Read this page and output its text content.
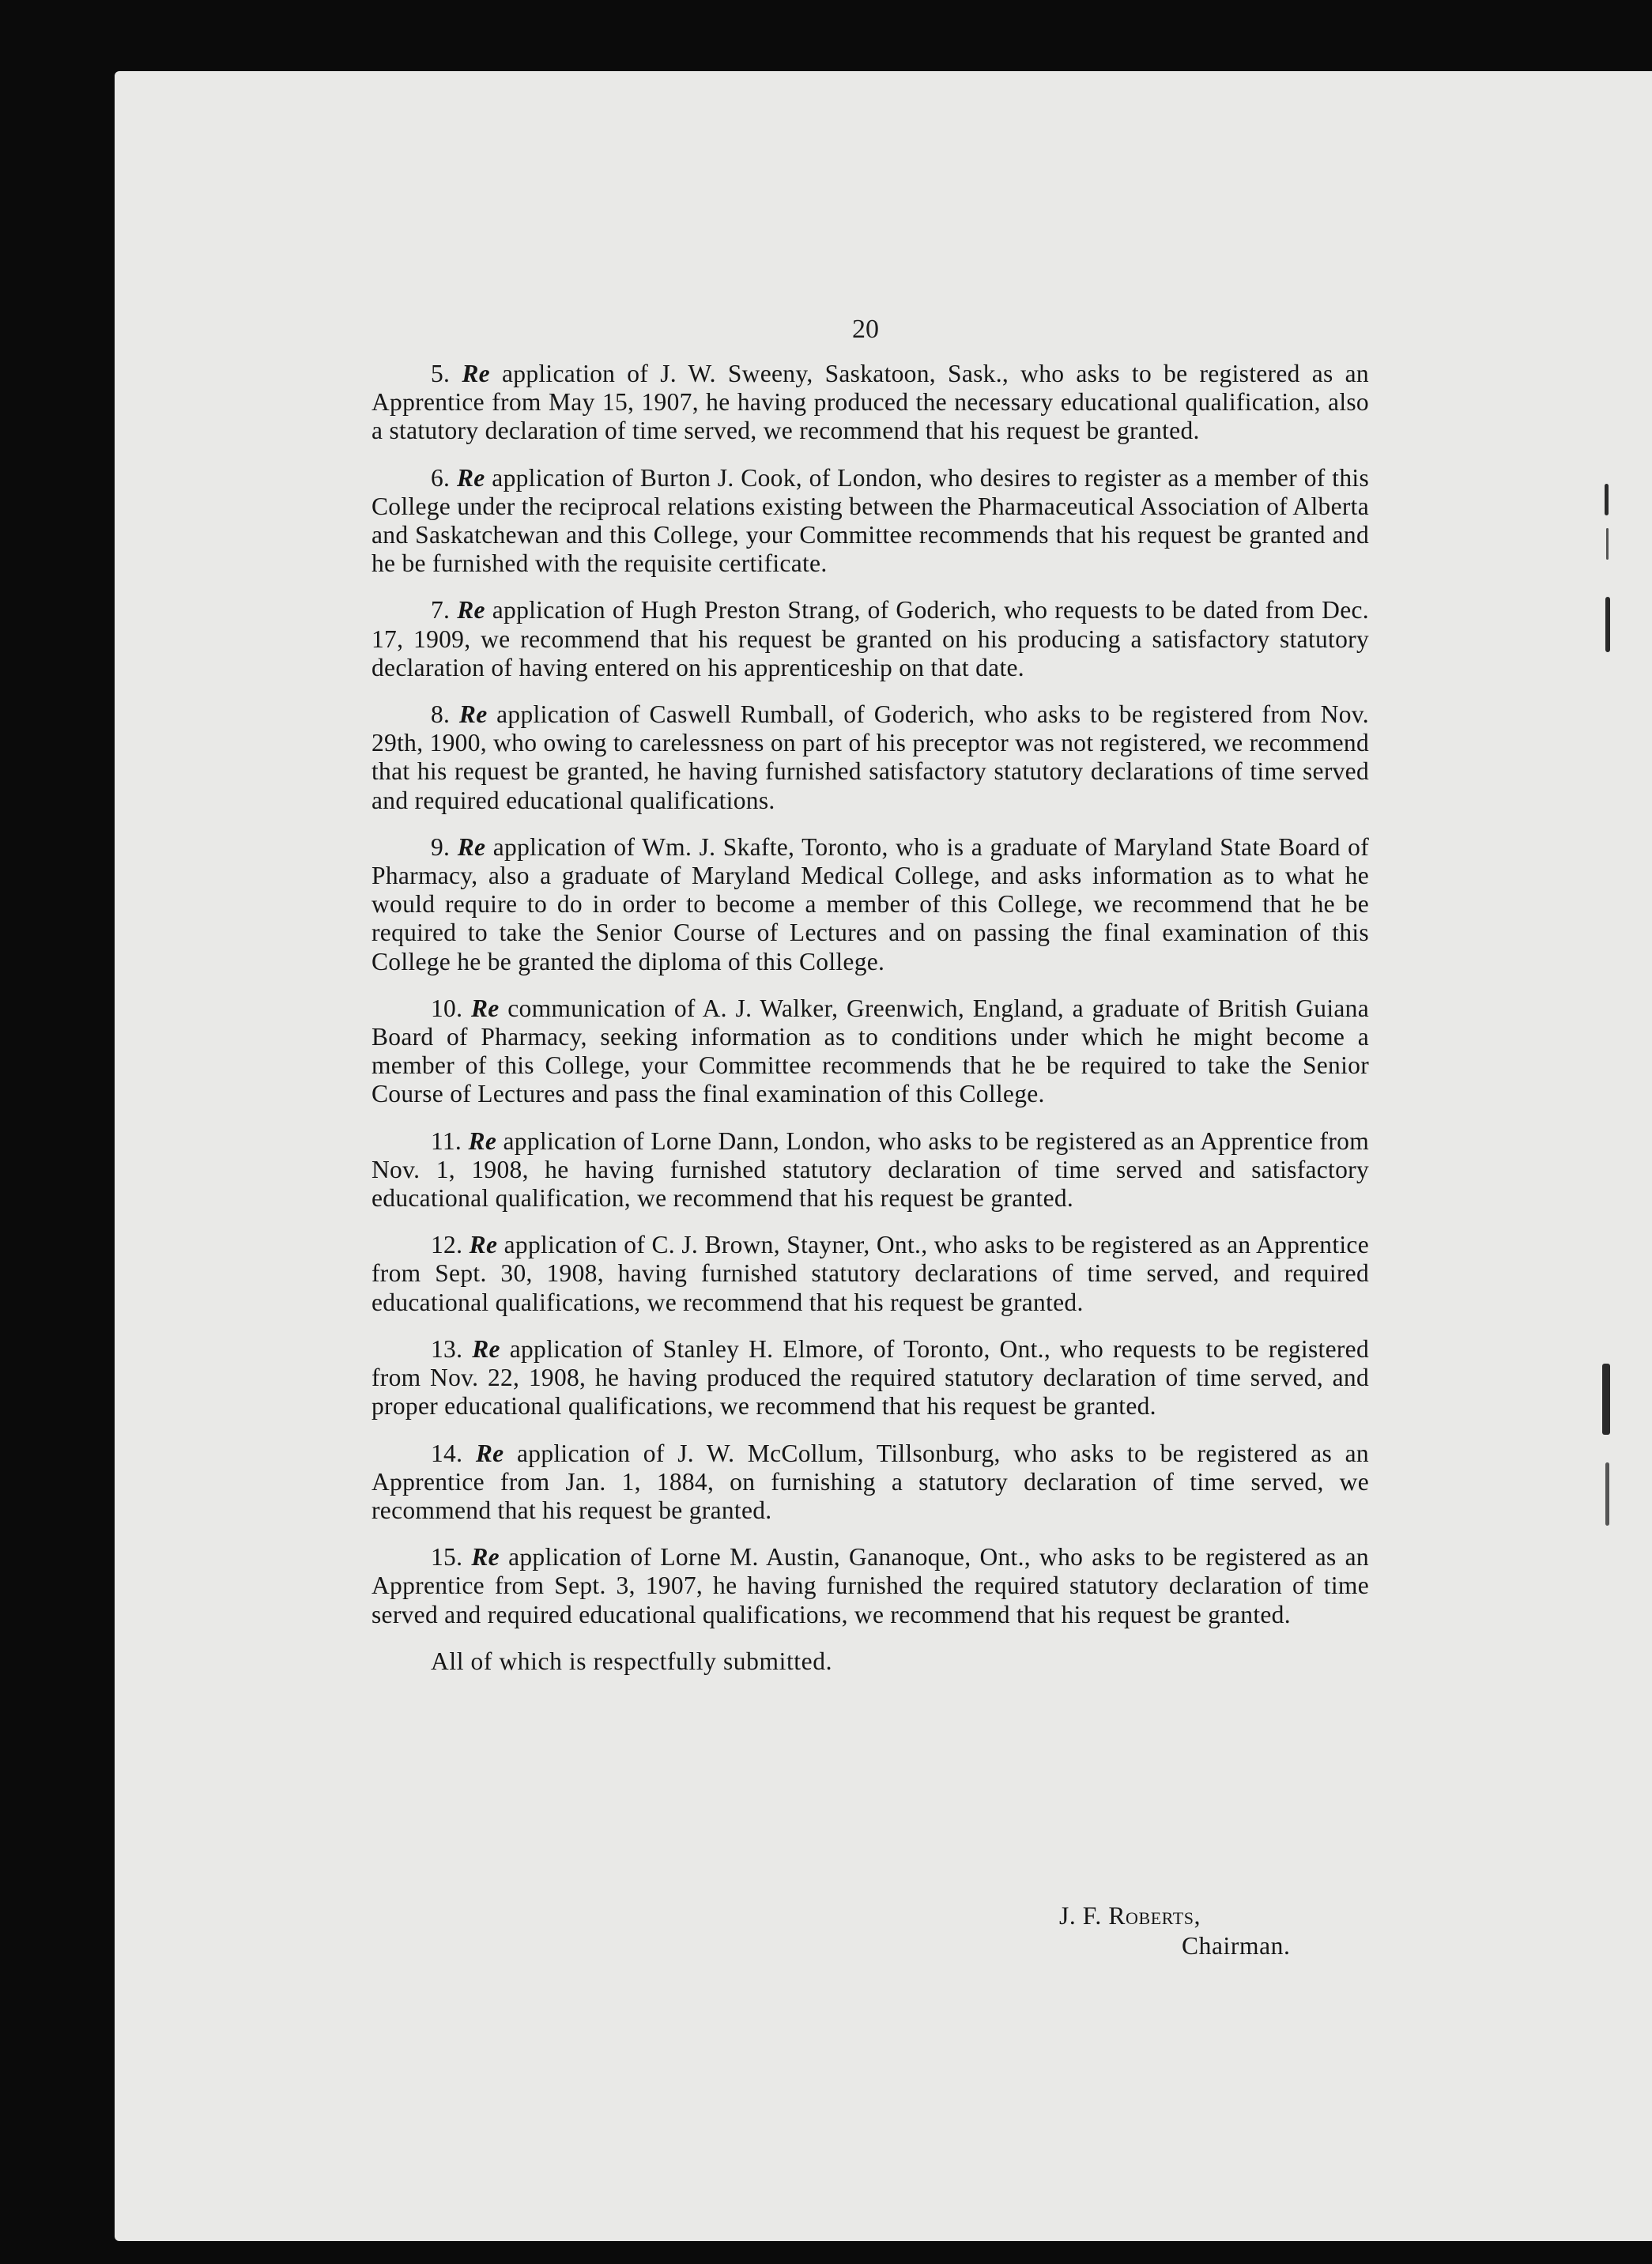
20

5. Re application of J. W. Sweeny, Saskatoon, Sask., who asks to be registered as an Apprentice from May 15, 1907, he having produced the necessary educational qualification, also a statutory declaration of time served, we recommend that his request be granted.

6. Re application of Burton J. Cook, of London, who desires to register as a member of this College under the reciprocal relations existing between the Pharmaceutical Association of Alberta and Saskatchewan and this College, your Committee recommends that his request be granted and he be furnished with the requisite certificate.

7. Re application of Hugh Preston Strang, of Goderich, who requests to be dated from Dec. 17, 1909, we recommend that his request be granted on his producing a satisfactory statutory declaration of having entered on his apprenticeship on that date.

8. Re application of Caswell Rumball, of Goderich, who asks to be registered from Nov. 29th, 1900, who owing to carelessness on part of his preceptor was not registered, we recommend that his request be granted, he having furnished satisfactory statutory declarations of time served and required educational qualifications.

9. Re application of Wm. J. Skafte, Toronto, who is a graduate of Maryland State Board of Pharmacy, also a graduate of Maryland Medical College, and asks information as to what he would require to do in order to become a member of this College, we recommend that he be required to take the Senior Course of Lectures and on passing the final examination of this College he be granted the diploma of this College.

10. Re communication of A. J. Walker, Greenwich, England, a graduate of British Guiana Board of Pharmacy, seeking information as to conditions under which he might become a member of this College, your Committee recommends that he be required to take the Senior Course of Lectures and pass the final examination of this College.

11. Re application of Lorne Dann, London, who asks to be registered as an Apprentice from Nov. 1, 1908, he having furnished statutory declaration of time served and satisfactory educational qualification, we recommend that his request be granted.

12. Re application of C. J. Brown, Stayner, Ont., who asks to be registered as an Apprentice from Sept. 30, 1908, having furnished statutory declarations of time served, and required educational qualifications, we recommend that his request be granted.

13. Re application of Stanley H. Elmore, of Toronto, Ont., who requests to be registered from Nov. 22, 1908, he having produced the required statutory declaration of time served, and proper educational qualifications, we recommend that his request be granted.

14. Re application of J. W. McCollum, Tillsonburg, who asks to be registered as an Apprentice from Jan. 1, 1884, on furnishing a statutory declaration of time served, we recommend that his request be granted.

15. Re application of Lorne M. Austin, Gananoque, Ont., who asks to be registered as an Apprentice from Sept. 3, 1907, he having furnished the required statutory declaration of time served and required educational qualifications, we recommend that his request be granted.

All of which is respectfully submitted.

J. F. Roberts,
Chairman.
